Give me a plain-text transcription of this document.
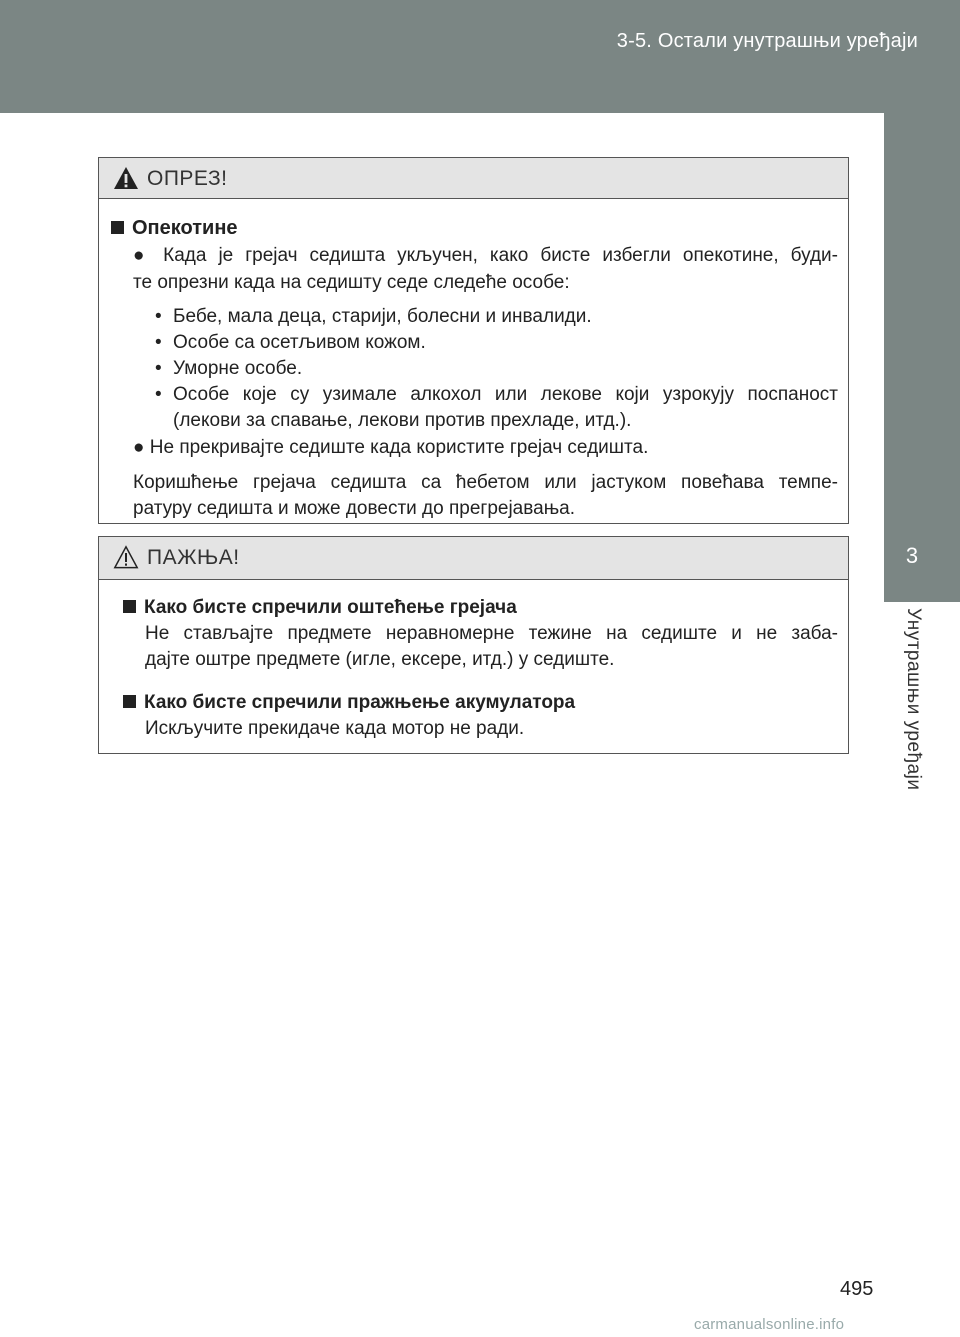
3-5. Остали унутрашњи уређаји
3
Унутрашњи уређаји
ОПРЕЗ!
Опекотине
● Када је грејач седишта укључен, како бисте избегли опекотине, буди-
те опрезни када на седишту седе следеће особе:
• Бебе, мала деца, старији, болесни и инвалиди.
• Особе са осетљивом кожом.
• Уморне особе.
• Особе које су узимале алкохол или лекове који узрокују поспаност
(лекови за спавање, лекови против прехладе, итд.).
● Не прекривајте седиште када користите грејач седишта.
Коришћење грејача седишта са ћебетом или јастуком повећава темпе-
ратуру седишта и може довести до прегрејавања.
ПАЖЊА!
Како бисте спречили оштећење грејача
Не стављајте предмете неравномерне тежине на седиште и не заба-
дајте оштре предмете (игле, ексере, итд.) у седиште.
Како бисте спречили пражњење акумулатора
Искључите прекидаче када мотор не ради.
495
carmanualsonline.info
